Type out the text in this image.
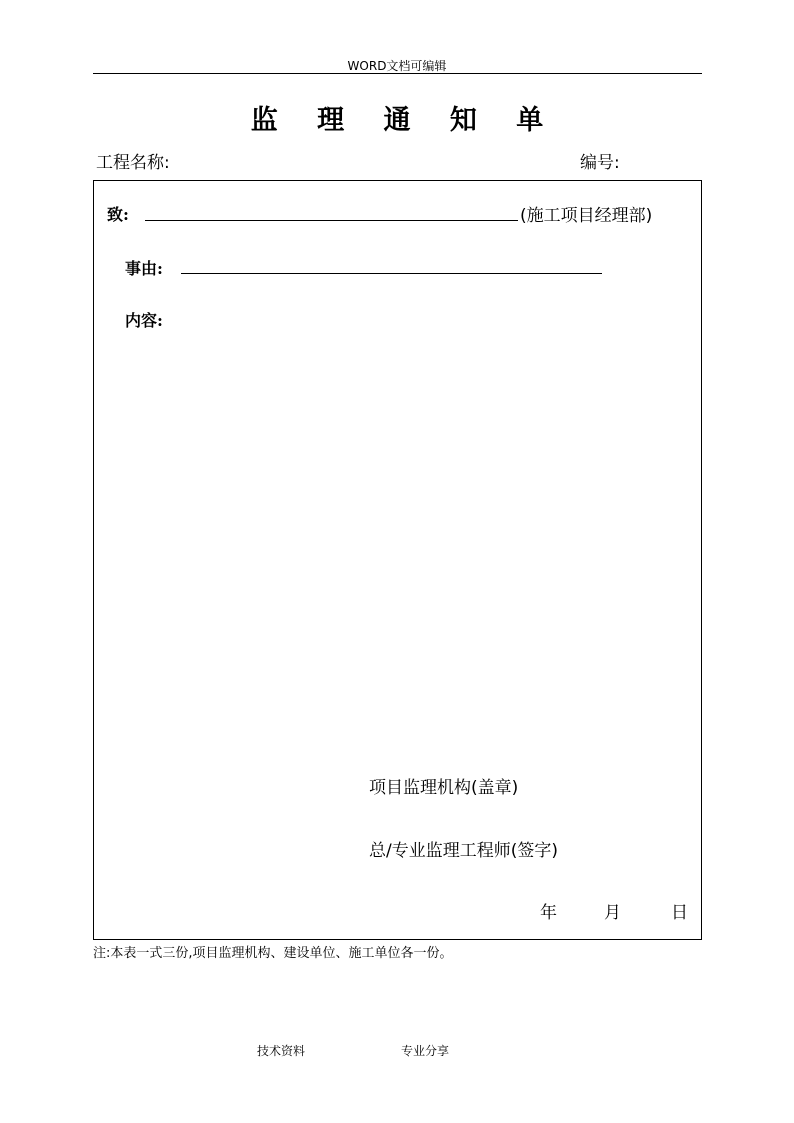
WORD文档可编辑
监 理 通 知 单
工程名称:	编号:
致:	(施工项目经理部)
事由:
内容:
项目监理机构(盖章)
总/专业监理工程师(签字)
年	月	日
注:本表一式三份,项目监理机构、建设单位、施工单位各一份。
技术资料	专业分享
